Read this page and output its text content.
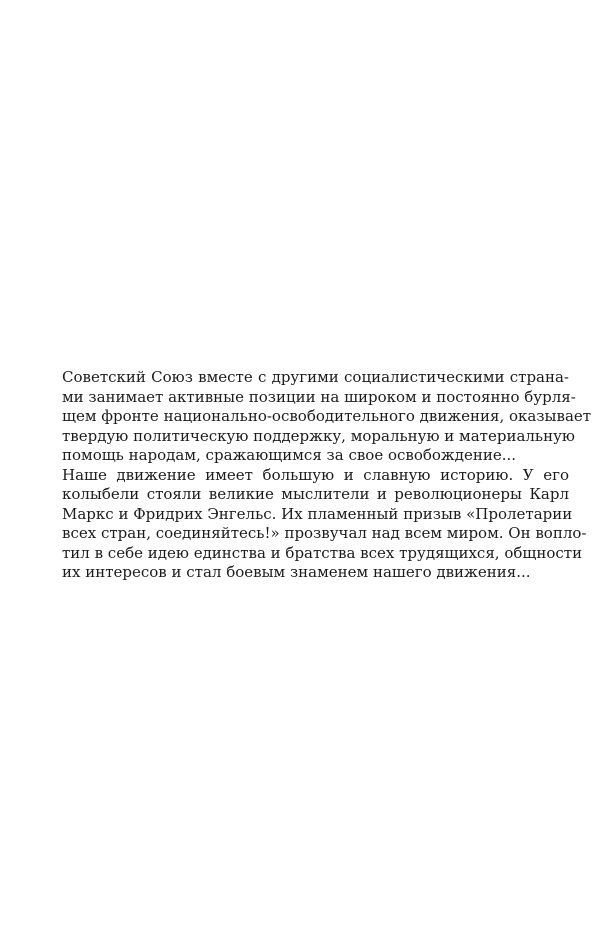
Советский Союз вместе с другими социалистическими страна-
ми занимает активные позиции на широком и постоянно бурля-
щем фронте национально-освободительного движения, оказывает
твердую политическую поддержку, моральную и материальную
помощь народам, сражающимся за свое освобождение...

Наше движение имеет большую и славную историю. У его
колыбели стояли великие мыслители и революционеры Карл
Маркс и Фридрих Энгельс. Их пламенный призыв «Пролетарии
всех стран, соединяйтесь!» прозвучал над всем миром. Он вопло-
тил в себе идею единства и братства всех трудящихся, общности
их интересов и стал боевым знаменем нашего движения...
